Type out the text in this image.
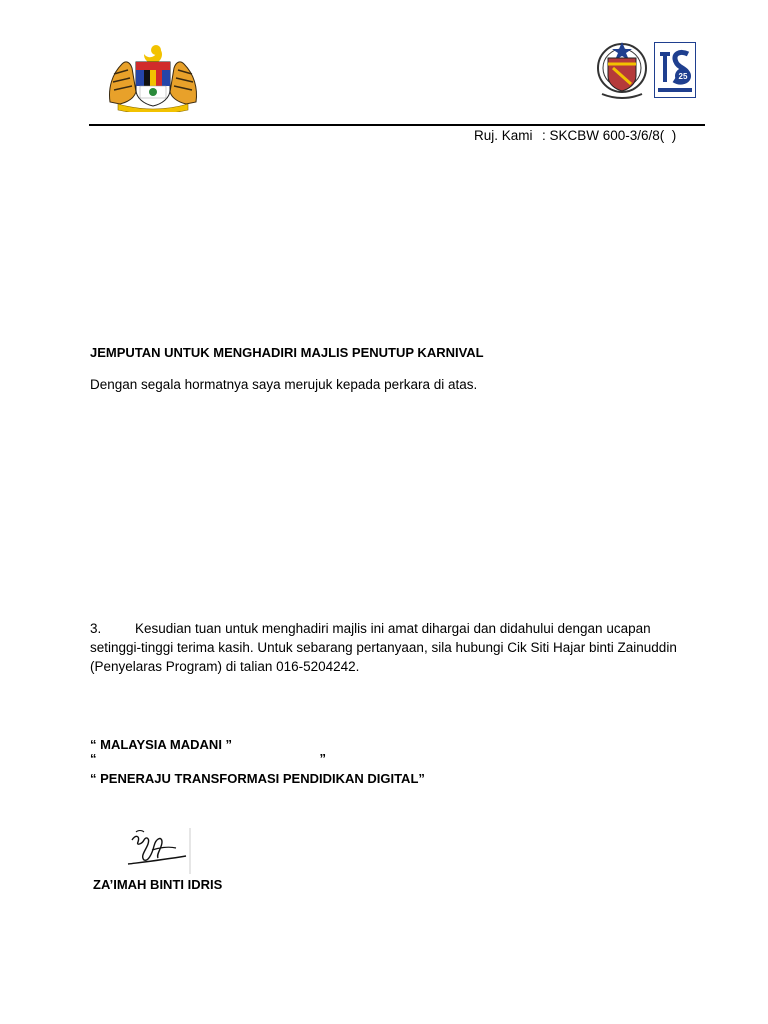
25
Ruj. Kami : SKCBW 600-3/6/8(  )
JEMPUTAN UNTUK MENGHADIRI MAJLIS PENUTUP KARNIVAL
Dengan segala hormatnya saya merujuk kepada perkara di atas.
3. Kesudian tuan untuk menghadiri majlis ini amat dihargai dan didahului dengan ucapan setinggi-tinggi terima kasih. Untuk sebarang pertanyaan, sila hubungi Cik Siti Hajar binti Zainuddin (Penyelaras Program) di talian 016-5204242.
“ MALAYSIA MADANI ”
“	”
“ PENERAJU TRANSFORMASI PENDIDIKAN DIGITAL”
ZA’IMAH BINTI IDRIS
